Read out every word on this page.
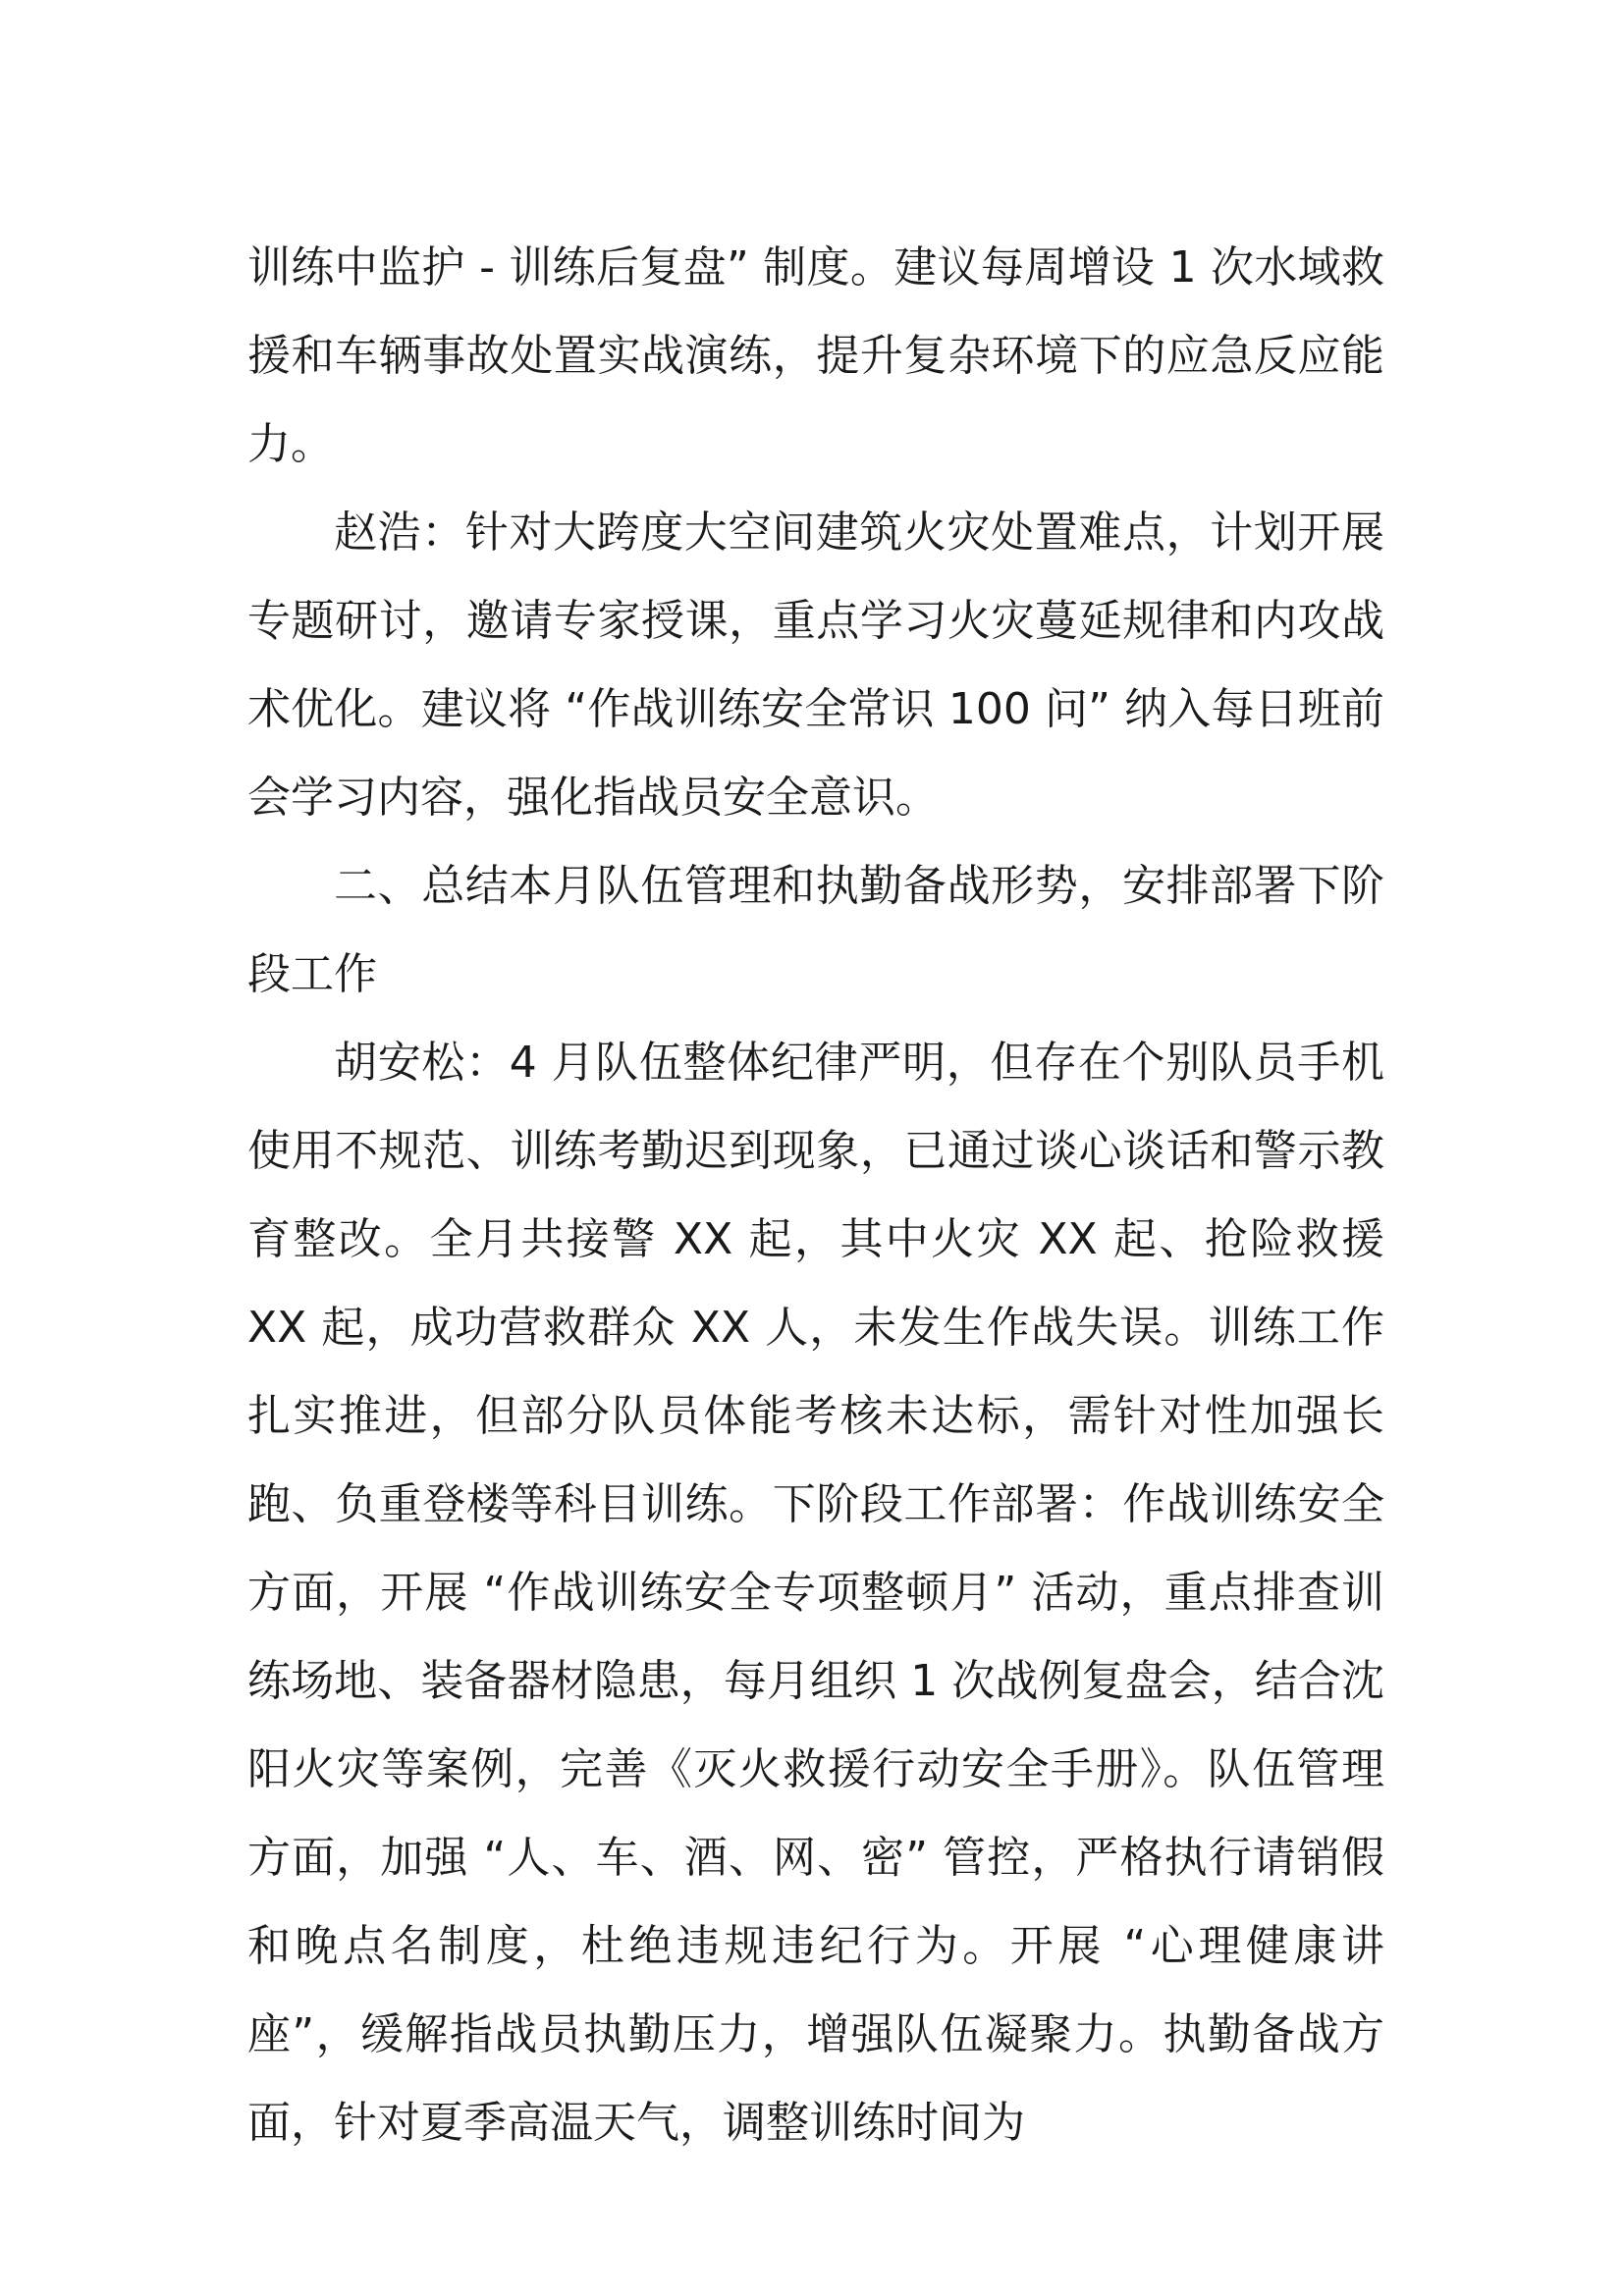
训练中监护 - 训练后复盘” 制度。建议每周增设 1 次水域救援和车辆事故处置实战演练，提升复杂环境下的应急反应能力。

赵浩：针对大跨度大空间建筑火灾处置难点，计划开展专题研讨，邀请专家授课，重点学习火灾蔓延规律和内攻战术优化。建议将 “作战训练安全常识 100 问” 纳入每日班前会学习内容，强化指战员安全意识。

二、总结本月队伍管理和执勤备战形势，安排部署下阶段工作

胡安松：4 月队伍整体纪律严明，但存在个别队员手机使用不规范、训练考勤迟到现象，已通过谈心谈话和警示教育整改。全月共接警 XX 起，其中火灾 XX 起、抢险救援 XX 起，成功营救群众 XX 人，未发生作战失误。训练工作扎实推进，但部分队员体能考核未达标，需针对性加强长跑、负重登楼等科目训练。下阶段工作部署：作战训练安全方面，开展 “作战训练安全专项整顿月” 活动，重点排查训练场地、装备器材隐患，每月组织 1 次战例复盘会，结合沈阳火灾等案例，完善《灭火救援行动安全手册》。队伍管理方面，加强 “人、车、酒、网、密” 管控，严格执行请销假和晚点名制度，杜绝违规违纪行为。开展 “心理健康讲座”，缓解指战员执勤压力，增强队伍凝聚力。执勤备战方面，针对夏季高温天气，调整训练时间为
